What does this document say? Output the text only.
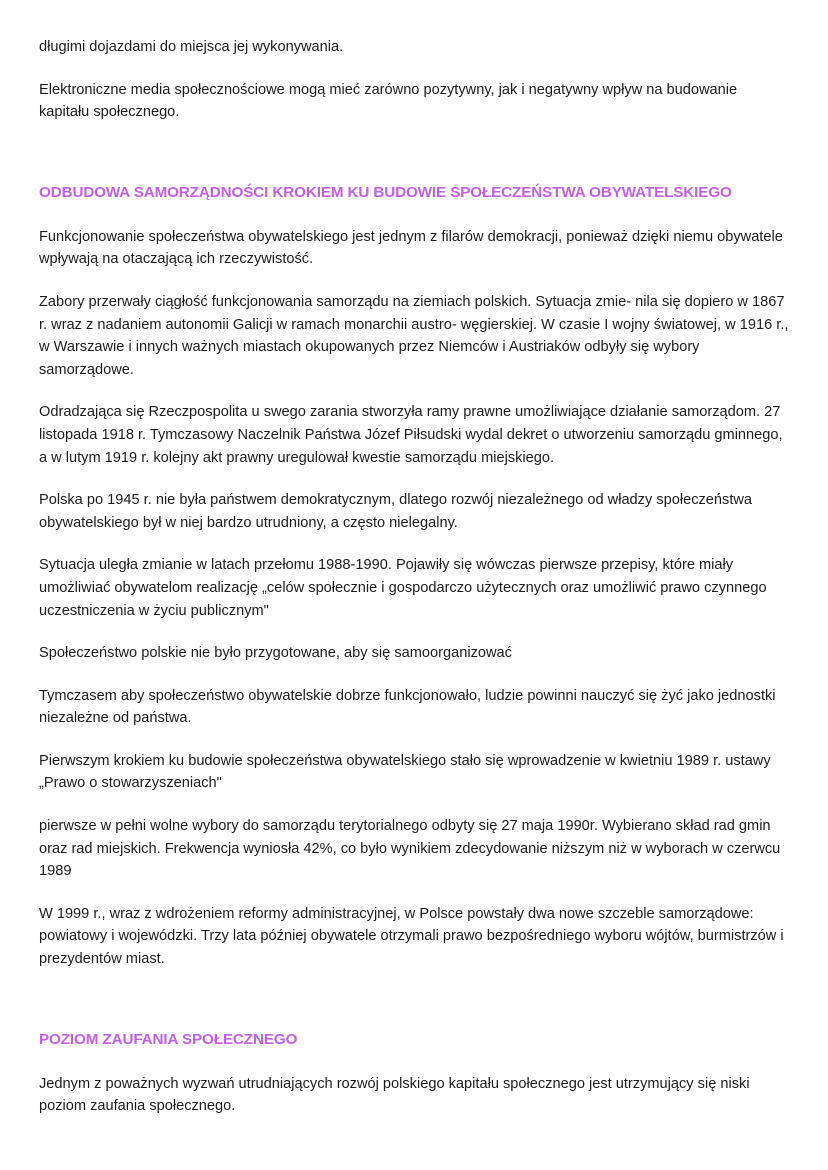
długimi dojazdami do miejsca jej wykonywania.

Elektroniczne media społecznościowe mogą mieć zarówno pozytywny, jak i negatywny wpływ na budowanie kapitału społecznego.

ODBUDOWA SAMORZĄDNOŚCI KROKIEM KU BUDOWIE SPOŁECZEŃSTWA OBYWATELSKIEGO

Funkcjonowanie społeczeństwa obywatelskiego jest jednym z filarów demokracji, ponieważ dzięki niemu obywatele wpływają na otaczającą ich rzeczywistość.

Zabory przerwały ciągłość funkcjonowania samorządu na ziemiach polskich. Sytuacja zmie- nila się dopiero w 1867 r. wraz z nadaniem autonomii Galicji w ramach monarchii austro- węgierskiej. W czasie I wojny światowej, w 1916 r., w Warszawie i innych ważnych miastach okupowanych przez Niemców i Austriaków odbyły się wybory samorządowe.

Odradzająca się Rzeczpospolita u swego zarania stworzyła ramy prawne umożliwiające działanie samorządom. 27 listopada 1918 r. Tymczasowy Naczelnik Państwa Józef Piłsudski wydal dekret o utworzeniu samorządu gminnego, a w lutym 1919 r. kolejny akt prawny uregulował kwestie samorządu miejskiego.

Polska po 1945 r. nie była państwem demokratycznym, dlatego rozwój niezależnego od władzy społeczeństwa obywatelskiego był w niej bardzo utrudniony, a często nielegalny.

Sytuacja uległa zmianie w latach przełomu 1988-1990. Pojawiły się wówczas pierwsze przepisy, które miały umożliwiać obywatelom realizację „celów społecznie i gospodarczo użytecznych oraz umożliwić prawo czynnego uczestniczenia w życiu publicznym"

Społeczeństwo polskie nie było przygotowane, aby się samoorganizować

Tymczasem aby społeczeństwo obywatelskie dobrze funkcjonowało, ludzie powinni nauczyć się żyć jako jednostki niezależne od państwa.

Pierwszym krokiem ku budowie społeczeństwa obywatelskiego stało się wprowadzenie w kwietniu 1989 r. ustawy „Prawo o stowarzyszeniach"

pierwsze w pełni wolne wybory do samorządu terytorialnego odbyty się 27 maja 1990r. Wybierano skład rad gmin oraz rad miejskich. Frekwencja wyniosła 42%, co było wynikiem zdecydowanie niższym niż w wyborach w czerwcu 1989

W 1999 r., wraz z wdrożeniem reformy administracyjnej, w Polsce powstały dwa nowe szczeble samorządowe: powiatowy i wojewódzki. Trzy lata później obywatele otrzymali prawo bezpośredniego wyboru wójtów, burmistrzów i prezydentów miast.

POZIOM ZAUFANIA SPOŁECZNEGO

Jednym z poważnych wyzwań utrudniających rozwój polskiego kapitału społecznego jest utrzymujący się niski poziom zaufania społecznego.
